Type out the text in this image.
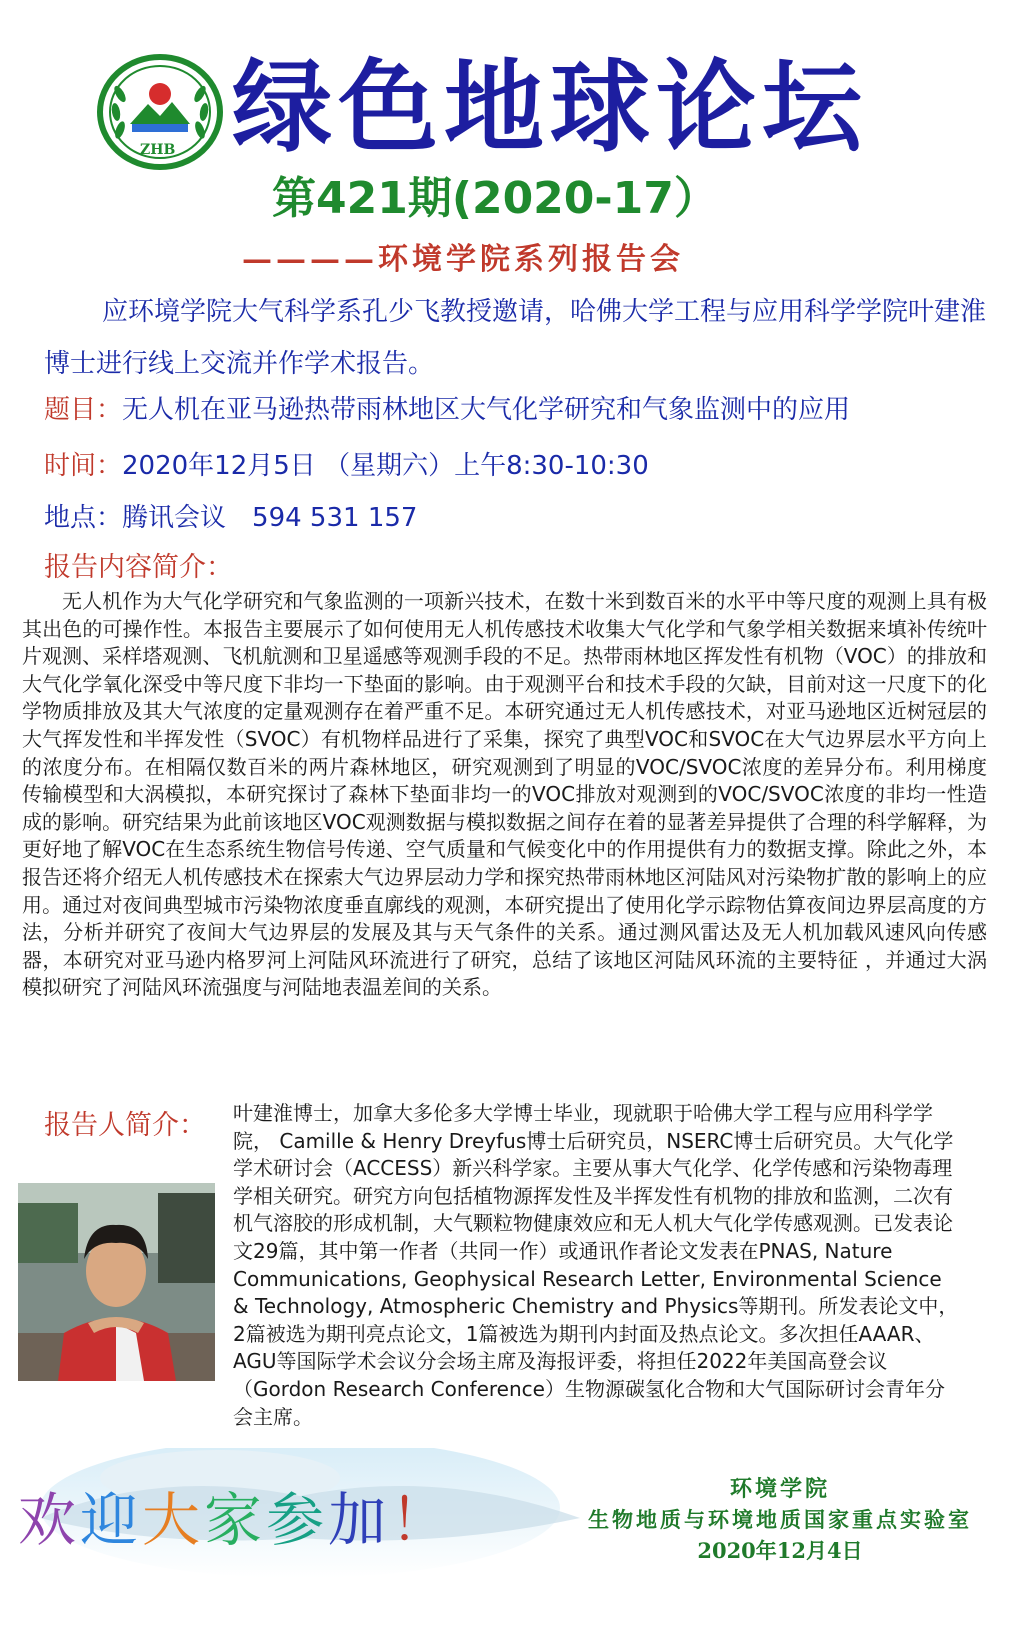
ZHB 绿色地球论坛
第421期(2020-17）
————环境学院系列报告会
应环境学院大气科学系孔少飞教授邀请，哈佛大学工程与应用科学学院叶建淮博士进行线上交流并作学术报告。
题目：无人机在亚马逊热带雨林地区大气化学研究和气象监测中的应用
时间：2020年12月5日 （星期六）上午8:30-10:30
地点：腾讯会议 594 531 157
报告内容简介：
无人机作为大气化学研究和气象监测的一项新兴技术，在数十米到数百米的水平中等尺度的观测上具有极其出色的可操作性。本报告主要展示了如何使用无人机传感技术收集大气化学和气象学相关数据来填补传统叶片观测、采样塔观测、飞机航测和卫星遥感等观测手段的不足。热带雨林地区挥发性有机物（VOC）的排放和大气化学氧化深受中等尺度下非均一下垫面的影响。由于观测平台和技术手段的欠缺，目前对这一尺度下的化学物质排放及其大气浓度的定量观测存在着严重不足。本研究通过无人机传感技术，对亚马逊地区近树冠层的大气挥发性和半挥发性（SVOC）有机物样品进行了采集，探究了典型VOC和SVOC在大气边界层水平方向上的浓度分布。在相隔仅数百米的两片森林地区，研究观测到了明显的VOC/SVOC浓度的差异分布。利用梯度传输模型和大涡模拟，本研究探讨了森林下垫面非均一的VOC排放对观测到的VOC/SVOC浓度的非均一性造成的影响。研究结果为此前该地区VOC观测数据与模拟数据之间存在着的显著差异提供了合理的科学解释，为更好地了解VOC在生态系统生物信号传递、空气质量和气候变化中的作用提供有力的数据支撑。除此之外，本报告还将介绍无人机传感技术在探索大气边界层动力学和探究热带雨林地区河陆风对污染物扩散的影响上的应用。通过对夜间典型城市污染物浓度垂直廓线的观测，本研究提出了使用化学示踪物估算夜间边界层高度的方法，分析并研究了夜间大气边界层的发展及其与天气条件的关系。通过测风雷达及无人机加载风速风向传感器，本研究对亚马逊内格罗河上河陆风环流进行了研究，总结了该地区河陆风环流的主要特征 ，并通过大涡模拟研究了河陆风环流强度与河陆地表温差间的关系。
报告人简介： 叶建淮博士，加拿大多伦多大学博士毕业，现就职于哈佛大学工程与应用科学学院， Camille & Henry Dreyfus博士后研究员，NSERC博士后研究员。大气化学学术研讨会（ACCESS）新兴科学家。主要从事大气化学、化学传感和污染物毒理学相关研究。研究方向包括植物源挥发性及半挥发性有机物的排放和监测，二次有机气溶胶的形成机制，大气颗粒物健康效应和无人机大气化学传感观测。已发表论文29篇，其中第一作者（共同一作）或通讯作者论文发表在PNAS, Nature Communications, Geophysical Research Letter, Environmental Science & Technology, Atmospheric Chemistry and Physics等期刊。所发表论文中，2篇被选为期刊亮点论文，1篇被选为期刊内封面及热点论文。多次担任AAAR、AGU等国际学术会议分会场主席及海报评委，将担任2022年美国高登会议（Gordon Research Conference）生物源碳氢化合物和大气国际研讨会青年分会主席。
欢迎大家参加！	环境学院
生物地质与环境地质国家重点实验室
2020年12月4日
